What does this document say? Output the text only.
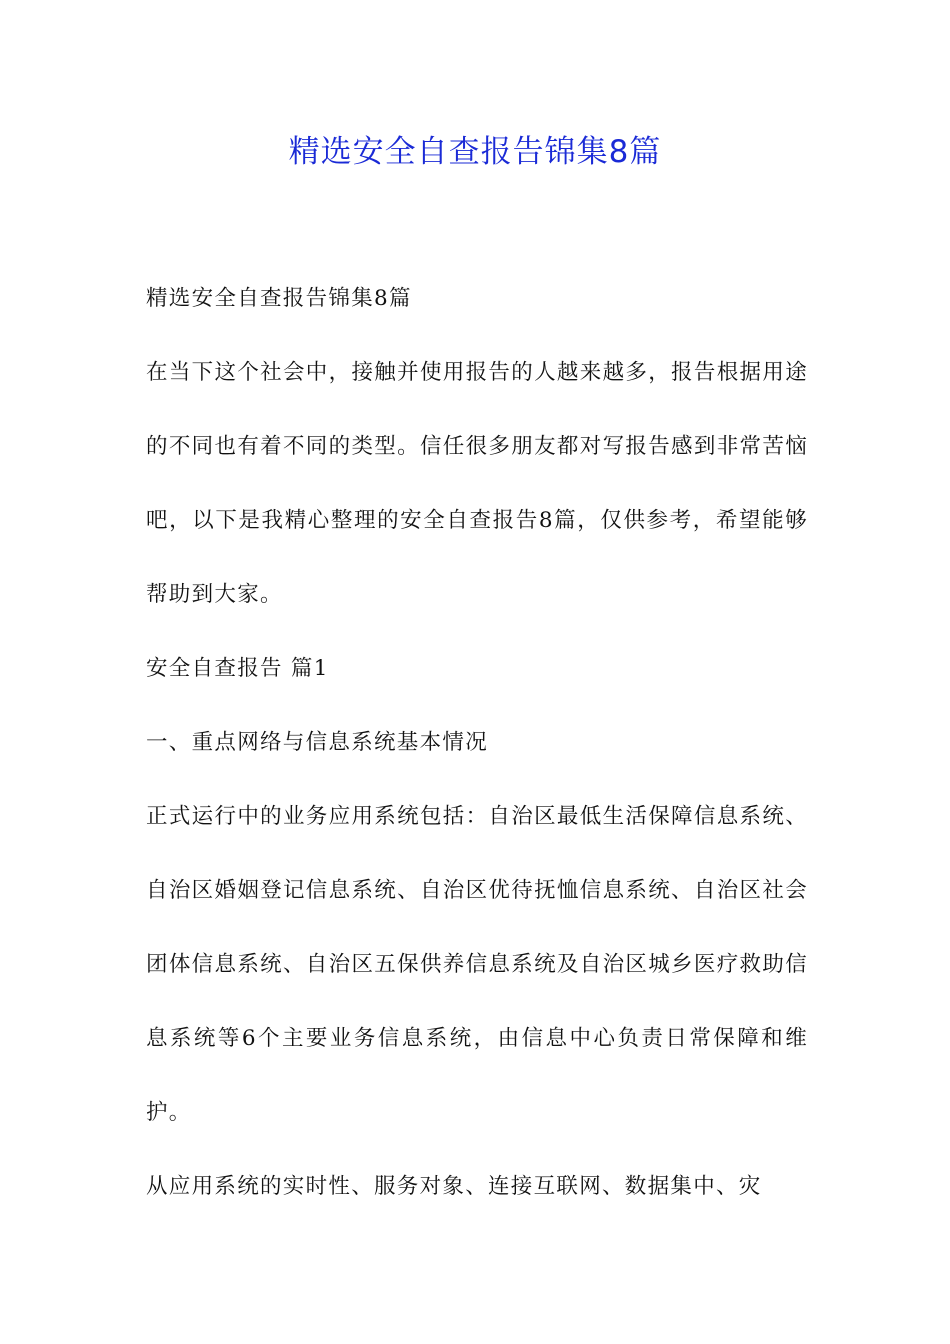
精选安全自查报告锦集8篇

精选安全自查报告锦集8篇

在当下这个社会中，接触并使用报告的人越来越多，报告根据用途的不同也有着不同的类型。信任很多朋友都对写报告感到非常苦恼吧，以下是我精心整理的安全自查报告8篇，仅供参考，希望能够帮助到大家。

安全自查报告 篇1

一、重点网络与信息系统基本情况

正式运行中的业务应用系统包括：自治区最低生活保障信息系统、自治区婚姻登记信息系统、自治区优待抚恤信息系统、自治区社会团体信息系统、自治区五保供养信息系统及自治区城乡医疗救助信息系统等6个主要业务信息系统，由信息中心负责日常保障和维护。

从应用系统的实时性、服务对象、连接互联网、数据集中、灾
